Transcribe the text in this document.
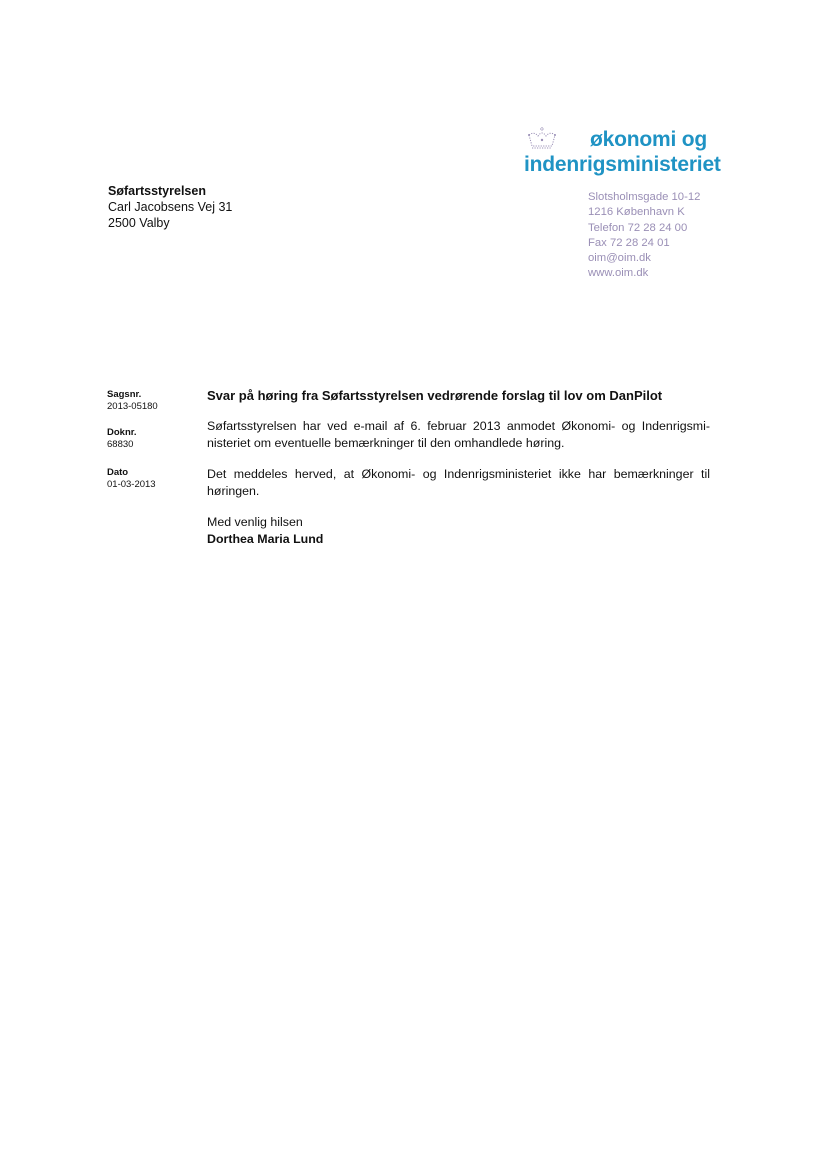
økonomi og
indenrigsministeriet
Slotsholmsgade 10-12
1216 København K
Telefon 72 28 24 00
Fax 72 28 24 01
oim@oim.dk
www.oim.dk
Søfartsstyrelsen
Carl Jacobsens Vej 31
2500 Valby
Sagsnr.
2013-05180
Doknr.
68830
Dato
01-03-2013
Svar på høring fra Søfartsstyrelsen vedrørende forslag til lov om DanPilot
Søfartsstyrelsen har ved e-mail af 6. februar 2013 anmodet Økonomi- og Indenrigsministeriet om eventuelle bemærkninger til den omhandlede høring.
Det meddeles herved, at Økonomi- og Indenrigsministeriet ikke har bemærkninger til høringen.
Med venlig hilsen
Dorthea Maria Lund
